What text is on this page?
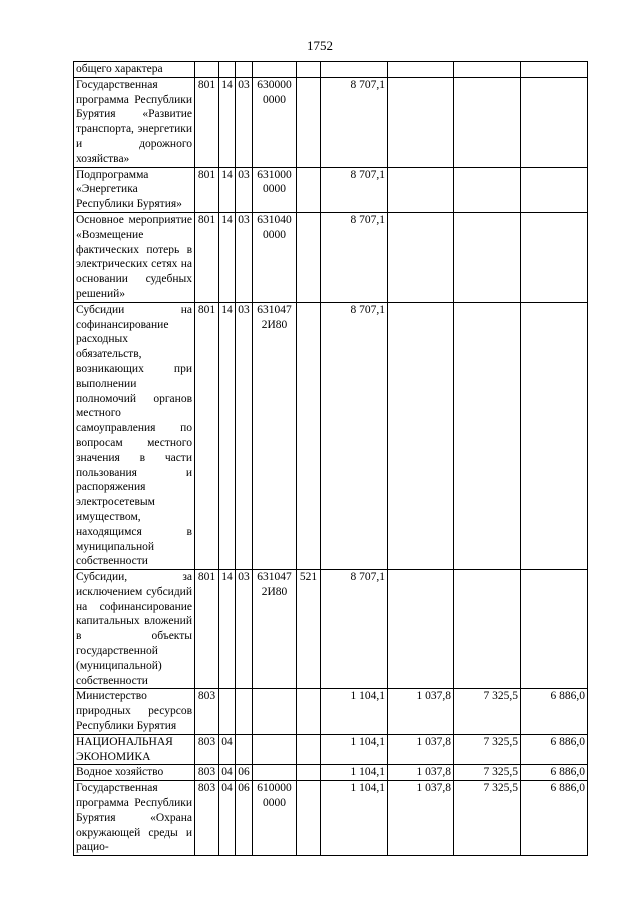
1752
общего характера									
Государственная программа Республики Бурятия «Развитие транспорта, энергетики и дорожного хозяйства»	801	14	03	630000 0000		8 707,1			
Подпрограмма «Энергетика Республики Бурятия»	801	14	03	631000 0000		8 707,1			
Основное мероприятие «Возмещение фактических потерь в электрических сетях на основании судебных решений»	801	14	03	631040 0000		8 707,1			
Субсидии на софинансирование расходных обязательств, возникающих при выполнении полномочий органов местного самоуправления по вопросам местного значения в части пользования и распоряжения электросетевым имуществом, находящимся в муниципальной собственности	801	14	03	631047 2И80		8 707,1			
Субсидии, за исключением субсидий на софинансирование капитальных вложений в объекты государственной (муниципальной) собственности	801	14	03	631047 2И80	521	8 707,1			
Министерство природных ресурсов Республики Бурятия	803					1 104,1	1 037,8	7 325,5	6 886,0
НАЦИОНАЛЬНАЯ ЭКОНОМИКА	803	04				1 104,1	1 037,8	7 325,5	6 886,0
Водное хозяйство	803	04	06			1 104,1	1 037,8	7 325,5	6 886,0
Государственная программа Республики Бурятия «Охрана окружающей среды и рацио-	803	04	06	610000 0000		1 104,1	1 037,8	7 325,5	6 886,0
